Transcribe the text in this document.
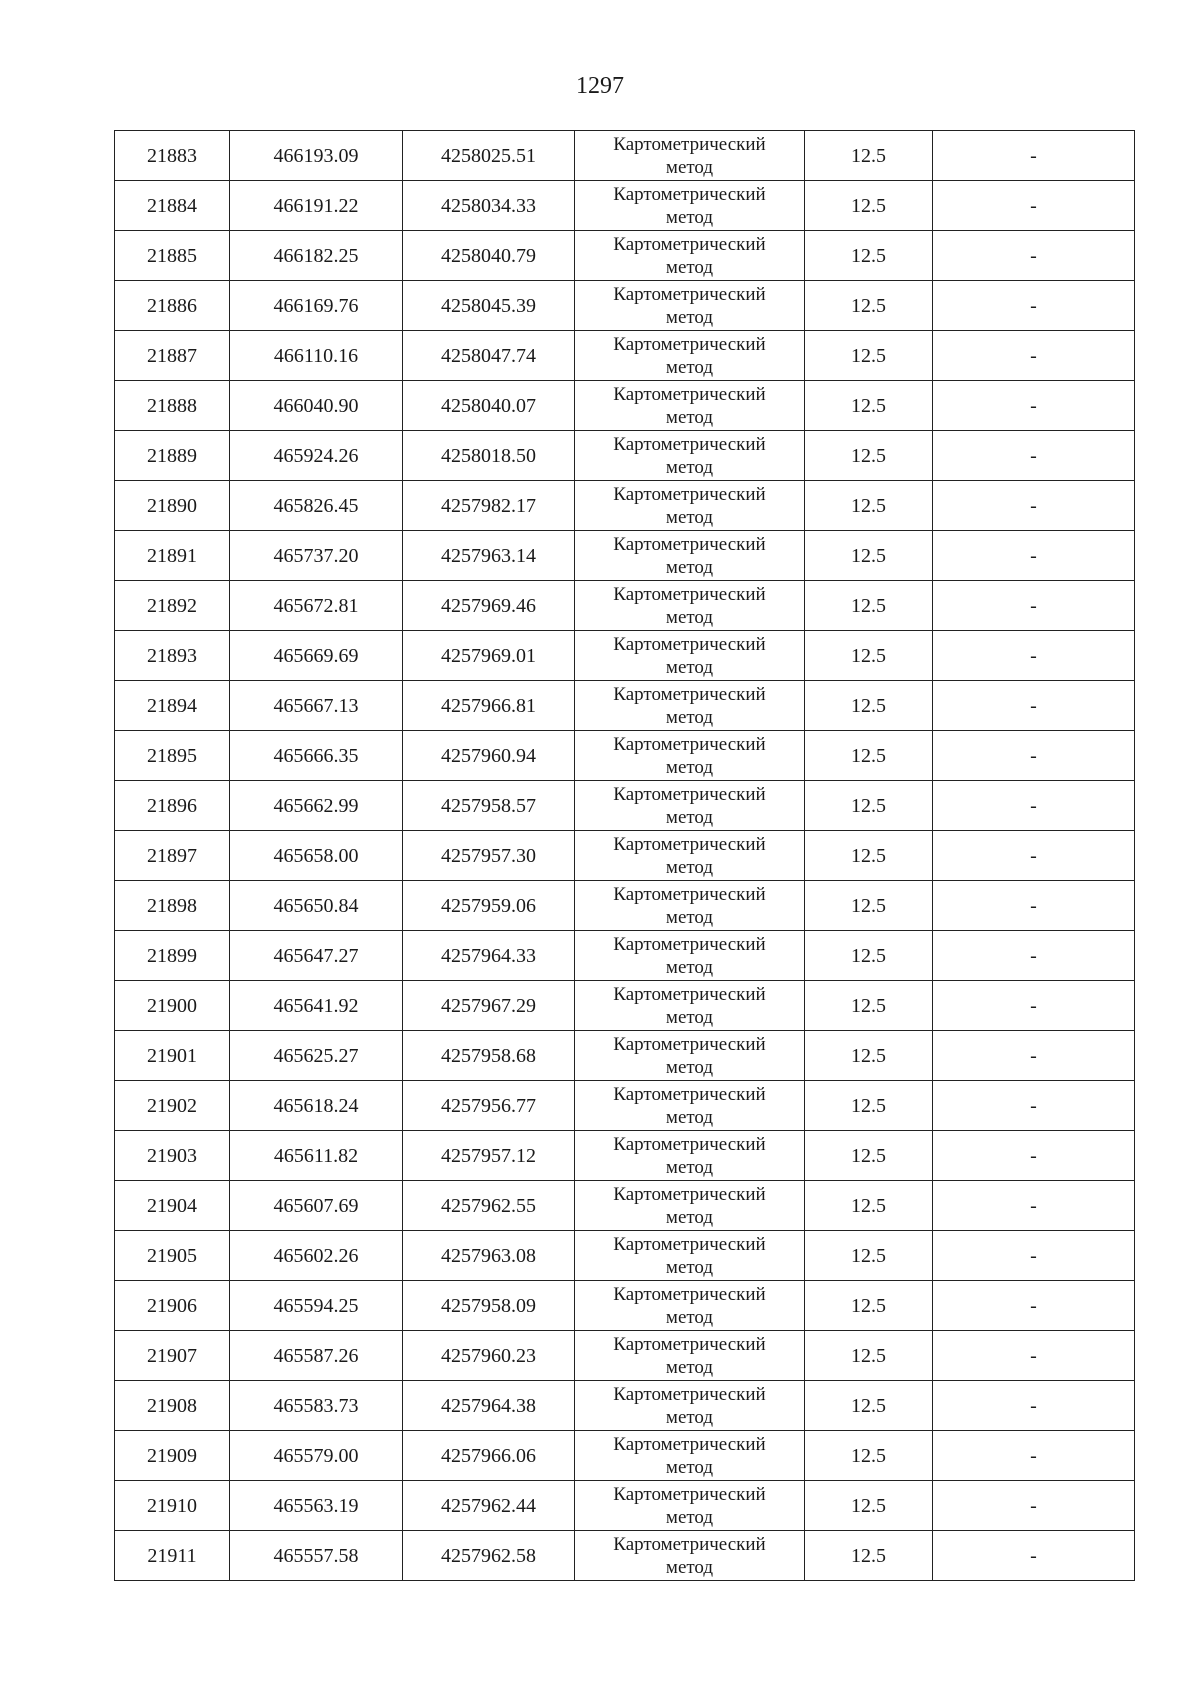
1297
21883	466193.09	4258025.51	Картометрический
метод	12.5	-
21884	466191.22	4258034.33	Картометрический
метод	12.5	-
21885	466182.25	4258040.79	Картометрический
метод	12.5	-
21886	466169.76	4258045.39	Картометрический
метод	12.5	-
21887	466110.16	4258047.74	Картометрический
метод	12.5	-
21888	466040.90	4258040.07	Картометрический
метод	12.5	-
21889	465924.26	4258018.50	Картометрический
метод	12.5	-
21890	465826.45	4257982.17	Картометрический
метод	12.5	-
21891	465737.20	4257963.14	Картометрический
метод	12.5	-
21892	465672.81	4257969.46	Картометрический
метод	12.5	-
21893	465669.69	4257969.01	Картометрический
метод	12.5	-
21894	465667.13	4257966.81	Картометрический
метод	12.5	-
21895	465666.35	4257960.94	Картометрический
метод	12.5	-
21896	465662.99	4257958.57	Картометрический
метод	12.5	-
21897	465658.00	4257957.30	Картометрический
метод	12.5	-
21898	465650.84	4257959.06	Картометрический
метод	12.5	-
21899	465647.27	4257964.33	Картометрический
метод	12.5	-
21900	465641.92	4257967.29	Картометрический
метод	12.5	-
21901	465625.27	4257958.68	Картометрический
метод	12.5	-
21902	465618.24	4257956.77	Картометрический
метод	12.5	-
21903	465611.82	4257957.12	Картометрический
метод	12.5	-
21904	465607.69	4257962.55	Картометрический
метод	12.5	-
21905	465602.26	4257963.08	Картометрический
метод	12.5	-
21906	465594.25	4257958.09	Картометрический
метод	12.5	-
21907	465587.26	4257960.23	Картометрический
метод	12.5	-
21908	465583.73	4257964.38	Картометрический
метод	12.5	-
21909	465579.00	4257966.06	Картометрический
метод	12.5	-
21910	465563.19	4257962.44	Картометрический
метод	12.5	-
21911	465557.58	4257962.58	Картометрический
метод	12.5	-
